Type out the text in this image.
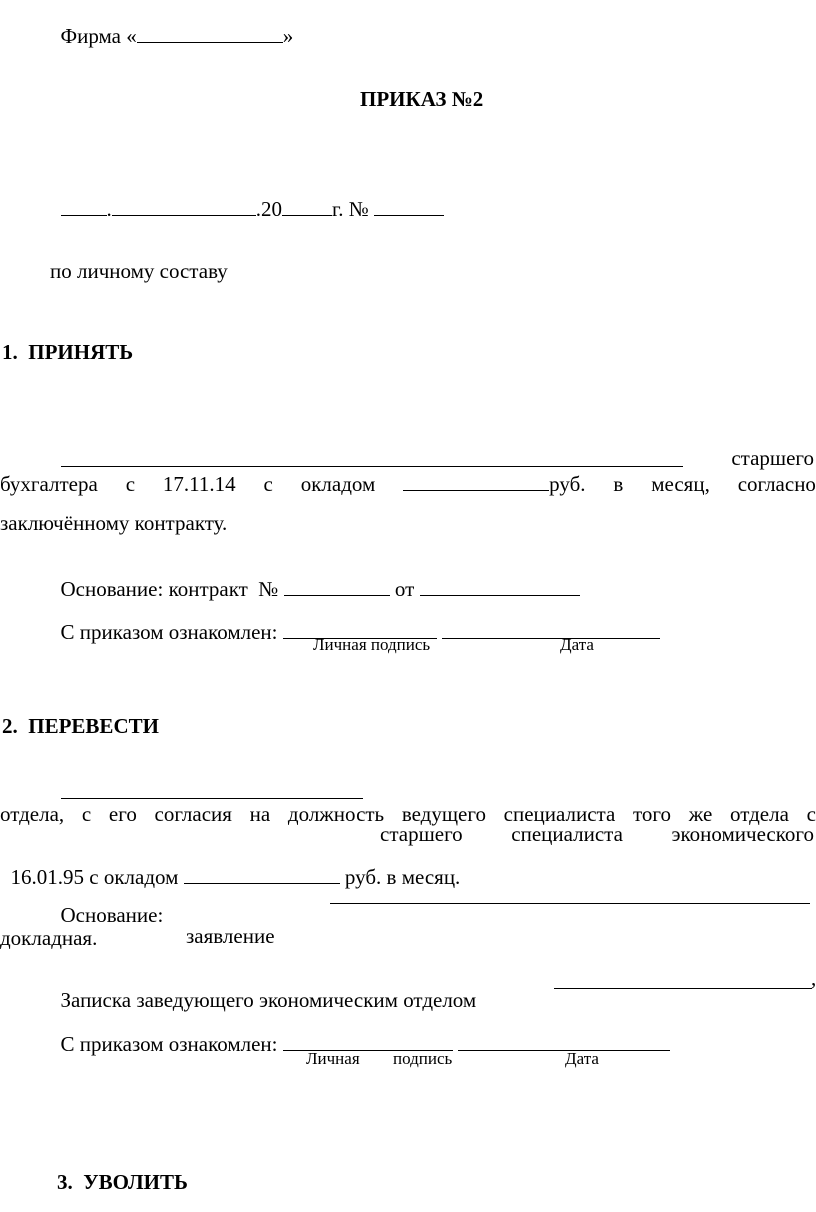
Фирма «	»

ПРИКАЗ №2

.	.20 г. №

по личному составу
1.  ПРИНЯТЬ

старшего

бухгалтера с 17.11.14 с окладом	руб. в месяц, согласно
заключённому контракту.

Основание: контракт  №	от

С приказом ознакомлен:

Личная подпись	Дата
2.  ПЕРЕВЕСТИ

старшего специалиста экономического

отдела, с его согласия на должность ведущего специалиста того же отдела с

16.01.95 с окладом	руб. в месяц.

Основание:

заявление

,

докладная.

Записка заведующего экономическим отделом

С приказом ознакомлен:

Личная подпись	Дата
3.  УВОЛИТЬ
